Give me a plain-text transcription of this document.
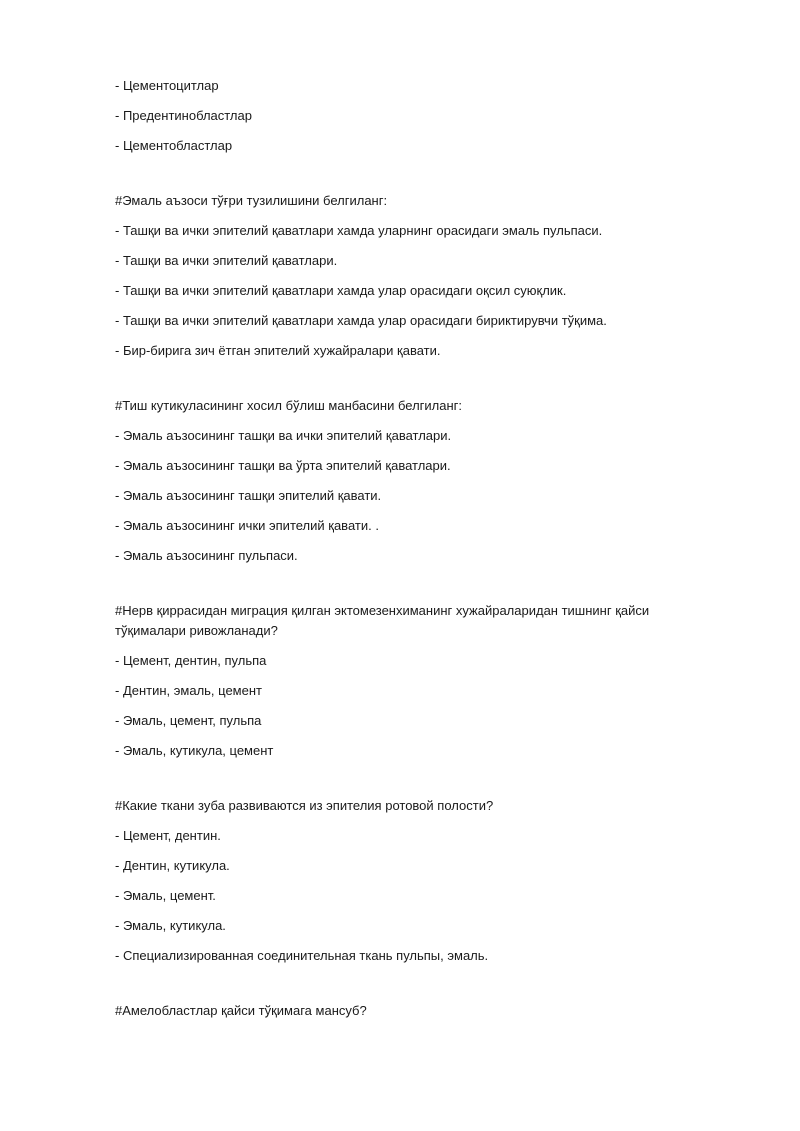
- Цементоцитлар
- Предентинобластлар
- Цементобластлар
#Эмаль аъзоси тўғри тузилишини белгиланг:
- Ташқи ва ички эпителий қаватлари хамда уларнинг орасидаги эмаль пульпаси.
- Ташқи ва ички эпителий қаватлари.
- Ташқи ва ички эпителий қаватлари хамда улар орасидаги оқсил суюқлик.
- Ташқи ва ички эпителий қаватлари хамда улар орасидаги бириктирувчи тўқима.
- Бир-бирига зич ётган эпителий хужайралари қавати.
#Тиш кутикуласининг хосил бўлиш манбасини белгиланг:
- Эмаль аъзосининг ташқи ва ички эпителий қаватлари.
- Эмаль аъзосининг ташқи ва ўрта эпителий қаватлари.
- Эмаль аъзосининг ташқи эпителий қавати.
- Эмаль аъзосининг ички эпителий қавати. .
- Эмаль аъзосининг пульпаси.
#Нерв қиррасидан миграция қилган эктомезенхиманинг хужайраларидан тишнинг қайси тўқималари ривожланади?
- Цемент, дентин, пульпа
- Дентин, эмаль, цемент
- Эмаль, цемент, пульпа
- Эмаль, кутикула, цемент
#Какие ткани зуба развиваются из эпителия ротовой полости?
- Цемент, дентин.
- Дентин, кутикула.
- Эмаль, цемент.
- Эмаль, кутикула.
- Специализированная соединительная ткань пульпы, эмаль.
#Амелобластлар қайси тўқимага мансуб?
